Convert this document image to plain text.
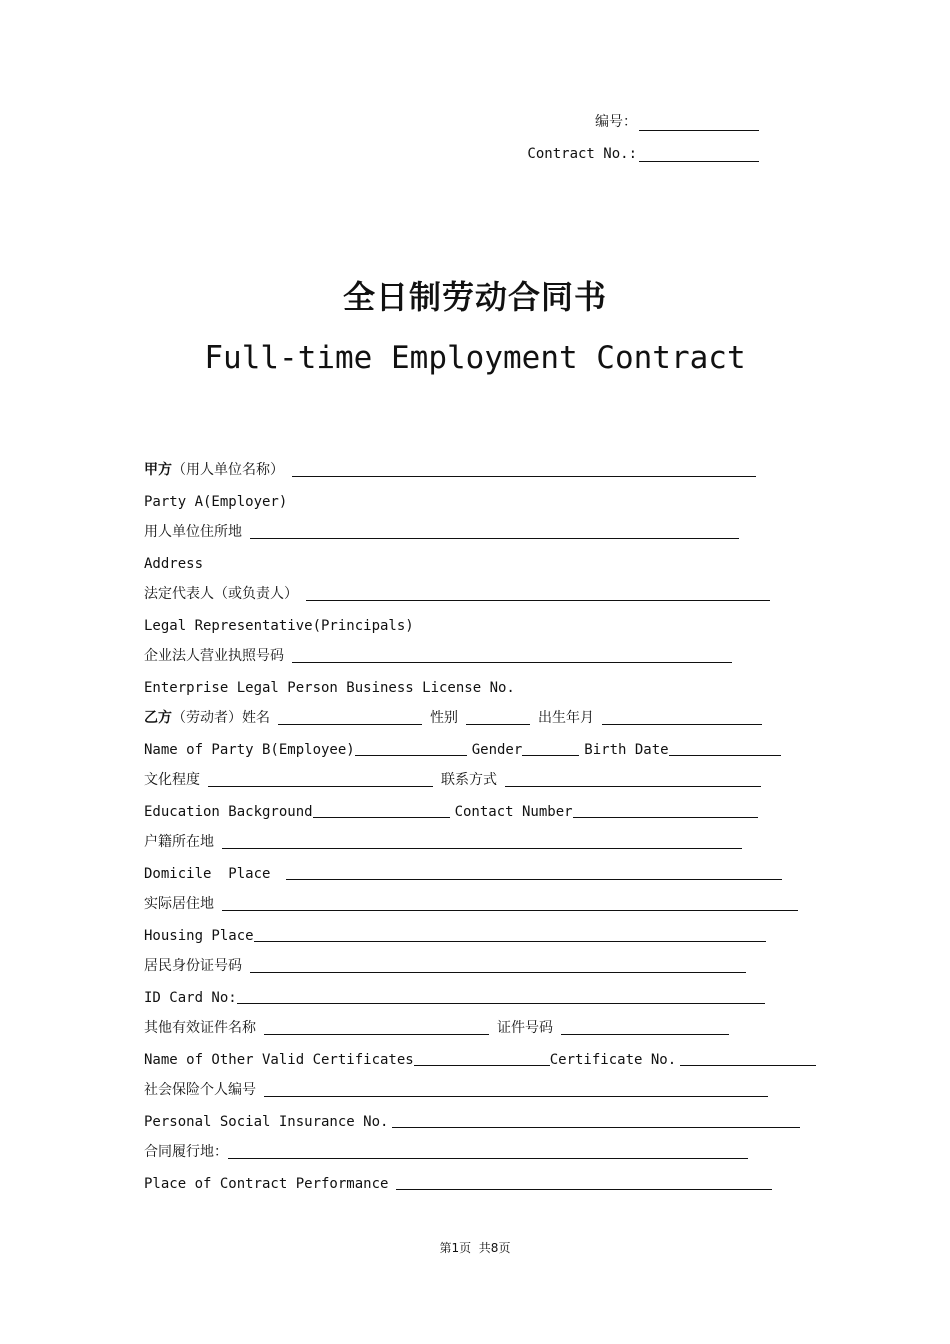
编号：
Contract No.:
全日制劳动合同书
Full-time Employment Contract
甲方 （用人单位名称）
Party A(Employer)
用人单位住所地
Address
法定代表人（或负责人）
Legal Representative(Principals)
企业法人营业执照号码
Enterprise Legal Person Business License No.
乙方 （劳动者）姓名	性别	出生年月
Name of Party B(Employee)	Gender	Birth Date
文化程度	联系方式
Education Background	Contact Number
户籍所在地
Domicile  Place
实际居住地
Housing Place
居民身份证号码
ID Card No:
其他有效证件名称	证件号码
Name of Other Valid Certificates	Certificate No.
社会保险个人编号
Personal Social Insurance No.
合同履行地：
Place of Contract Performance
第1页  共8页
